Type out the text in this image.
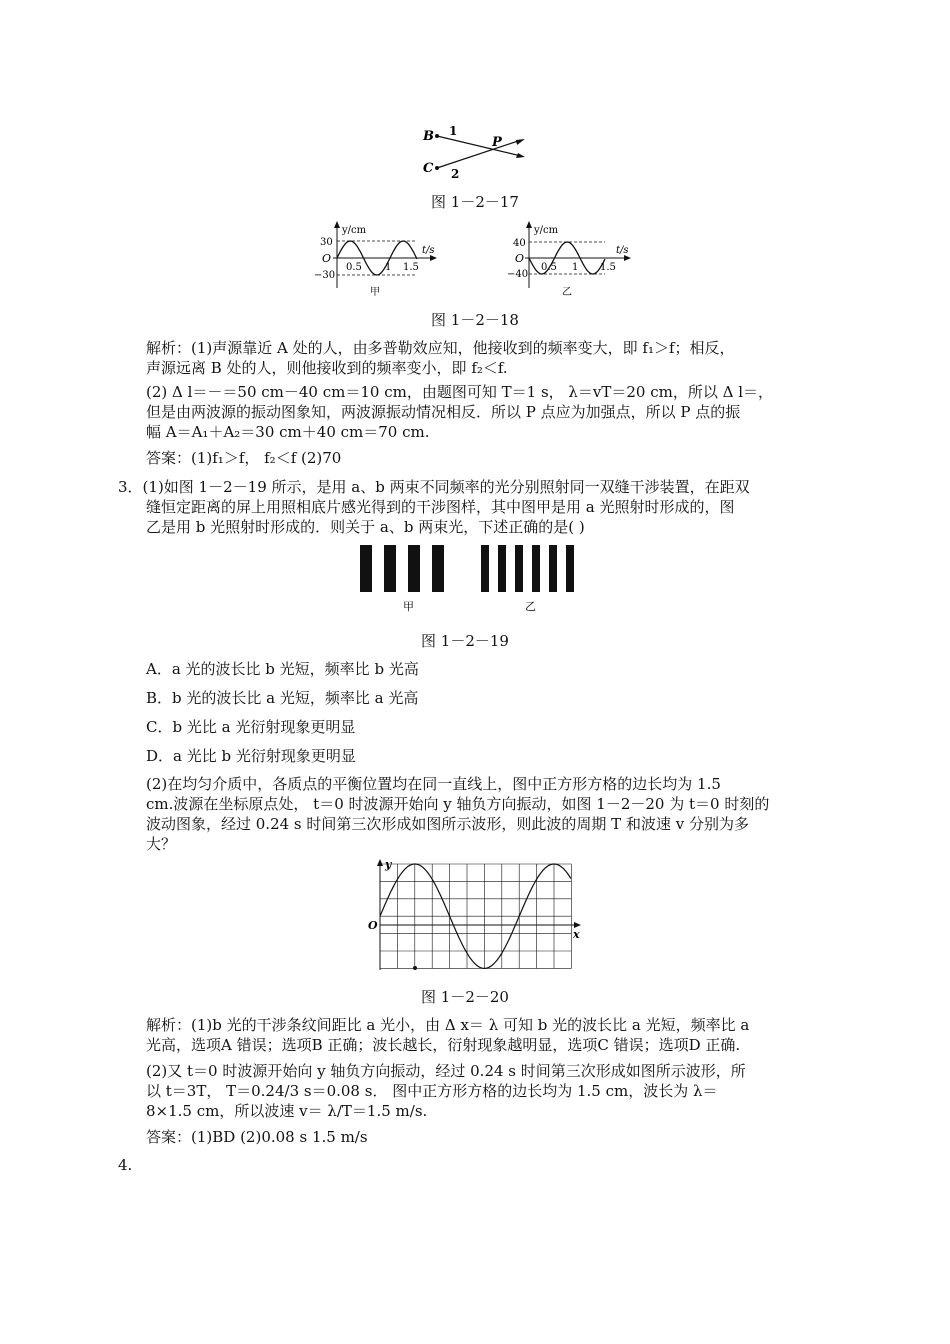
B
C
1
2
P
图 1－2－17
y/cm
t/s
O
30
−30
0.5 1 1.5
甲
y/cm
t/s
O
40
−40
0.5 1 1.5
乙
图 1－2－18
解析：(1)声源靠近 A 处的人，由多普勒效应知，他接收到的频率变大，即 f₁＞f；相反，
声源远离 B 处的人，则他接收到的频率变小，即 f₂＜f.
(2) Δ l＝－＝50 cm－40 cm＝10 cm，由题图可知 T＝1 s， λ＝vT＝20 cm，所以 Δ l＝，
但是由两波源的振动图象知，两波源振动情况相反．所以 P 点应为加强点，所以 P 点的振
幅 A＝A₁＋A₂＝30 cm＋40 cm＝70 cm.
答案：(1)f₁＞f， f₂＜f (2)70
3．(1)如图 1－2－19 所示，是用 a、b 两束不同频率的光分别照射同一双缝干涉装置，在距双
缝恒定距离的屏上用照相底片感光得到的干涉图样，其中图甲是用 a 光照射时形成的，图
乙是用 b 光照射时形成的．则关于 a、b 两束光，下述正确的是( )
甲	乙
图 1－2－19
A．a 光的波长比 b 光短，频率比 b 光高
B．b 光的波长比 a 光短，频率比 a 光高
C．b 光比 a 光衍射现象更明显
D．a 光比 b 光衍射现象更明显
(2)在均匀介质中，各质点的平衡位置均在同一直线上，图中正方形方格的边长均为 1.5
cm.波源在坐标原点处， t＝0 时波源开始向 y 轴负方向振动，如图 1－2－20 为 t＝0 时刻的
波动图象，经过 0.24 s 时间第三次形成如图所示波形，则此波的周期 T 和波速 v 分别为多
大？
y
x
O
图 1－2－20
解析：(1)b 光的干涉条纹间距比 a 光小，由 Δ x＝ λ 可知 b 光的波长比 a 光短，频率比 a
光高，选项A 错误；选项B 正确；波长越长，衍射现象越明显，选项C 错误；选项D 正确.
(2)又 t＝0 时波源开始向 y 轴负方向振动，经过 0.24 s 时间第三次形成如图所示波形，所
以 t＝3T， T＝0.24/3 s＝0.08 s． 图中正方形方格的边长均为 1.5 cm，波长为 λ＝
8×1.5 cm，所以波速 v＝ λ/T＝1.5 m/s.
答案：(1)BD (2)0.08 s 1.5 m/s
4.
